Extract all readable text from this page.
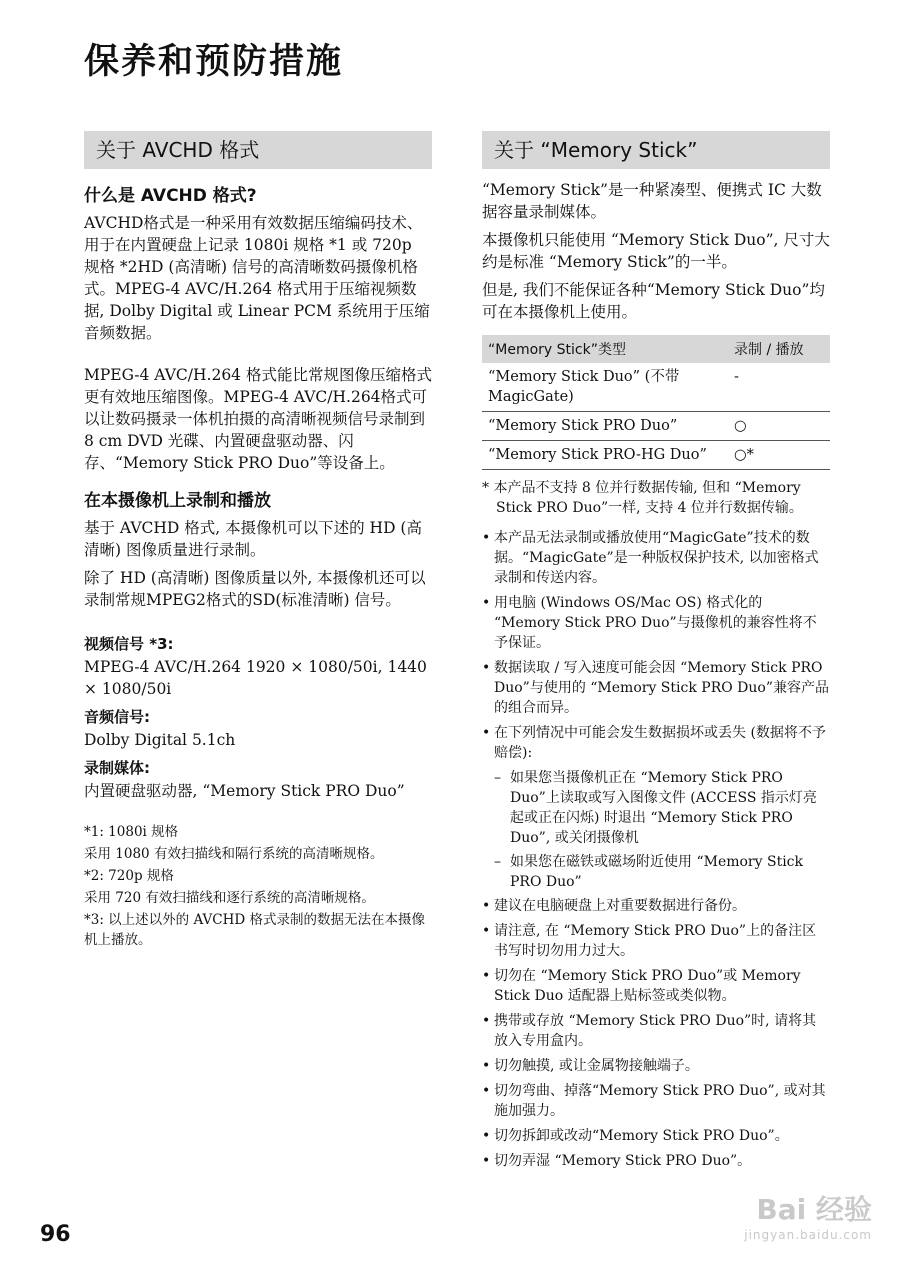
保养和预防措施
关于 AVCHD 格式
什么是 AVCHD 格式?

AVCHD格式是一种采用有效数据压缩编码技术、用于在内置硬盘上记录 1080i 规格 *1 或 720p 规格 *2HD (高清晰) 信号的高清晰数码摄像机格式。MPEG-4 AVC/H.264 格式用于压缩视频数据, Dolby Digital 或 Linear PCM 系统用于压缩音频数据。

MPEG-4 AVC/H.264 格式能比常规图像压缩格式更有效地压缩图像。MPEG-4 AVC/H.264格式可以让数码摄录一体机拍摄的高清晰视频信号录制到 8 cm DVD 光碟、内置硬盘驱动器、闪存、“Memory Stick PRO Duo”等设备上。

在本摄像机上录制和播放

基于 AVCHD 格式, 本摄像机可以下述的 HD (高清晰) 图像质量进行录制。

除了 HD (高清晰) 图像质量以外, 本摄像机还可以录制常规MPEG2格式的SD(标准清晰) 信号。

视频信号 *3:

MPEG-4 AVC/H.264 1920 × 1080/50i, 1440 × 1080/50i

音频信号:

Dolby Digital 5.1ch

录制媒体:

内置硬盘驱动器, “Memory Stick PRO Duo”

*1: 1080i 规格

采用 1080 有效扫描线和隔行系统的高清晰规格。

*2: 720p 规格

采用 720 有效扫描线和逐行系统的高清晰规格。

*3: 以上述以外的 AVCHD 格式录制的数据无法在本摄像机上播放。

关于 “Memory Stick”

“Memory Stick”是一种紧凑型、便携式 IC 大数据容量录制媒体。

本摄像机只能使用 “Memory Stick Duo”, 尺寸大约是标准 “Memory Stick”的一半。

但是, 我们不能保证各种“Memory Stick Duo”均可在本摄像机上使用。

“Memory Stick”类型	录制 / 播放
“Memory Stick Duo” (不带 MagicGate)	-
“Memory Stick PRO Duo”	○
“Memory Stick PRO-HG Duo”	○*

* 本产品不支持 8 位并行数据传输, 但和 “Memory Stick PRO Duo”一样, 支持 4 位并行数据传输。

• 本产品无法录制或播放使用“MagicGate”技术的数据。“MagicGate”是一种版权保护技术, 以加密格式录制和传送内容。
• 用电脑 (Windows OS/Mac OS) 格式化的 “Memory Stick PRO Duo”与摄像机的兼容性将不予保证。
• 数据读取 / 写入速度可能会因 “Memory Stick PRO Duo”与使用的 “Memory Stick PRO Duo”兼容产品的组合而异。
• 在下列情况中可能会发生数据损坏或丢失 (数据将不予赔偿):
– 如果您当摄像机正在 “Memory Stick PRO Duo”上读取或写入图像文件 (ACCESS 指示灯亮起或正在闪烁) 时退出 “Memory Stick PRO Duo”, 或关闭摄像机
– 如果您在磁铁或磁场附近使用 “Memory Stick PRO Duo”
• 建议在电脑硬盘上对重要数据进行备份。
• 请注意, 在 “Memory Stick PRO Duo”上的备注区书写时切勿用力过大。
• 切勿在 “Memory Stick PRO Duo”或 Memory Stick Duo 适配器上贴标签或类似物。
• 携带或存放 “Memory Stick PRO Duo”时, 请将其放入专用盒内。
• 切勿触摸, 或让金属物接触端子。
• 切勿弯曲、掉落“Memory Stick PRO Duo”, 或对其施加强力。
• 切勿拆卸或改动“Memory Stick PRO Duo”。
• 切勿弄湿 “Memory Stick PRO Duo”。
96
Bai 经验
jingyan.baidu.com
